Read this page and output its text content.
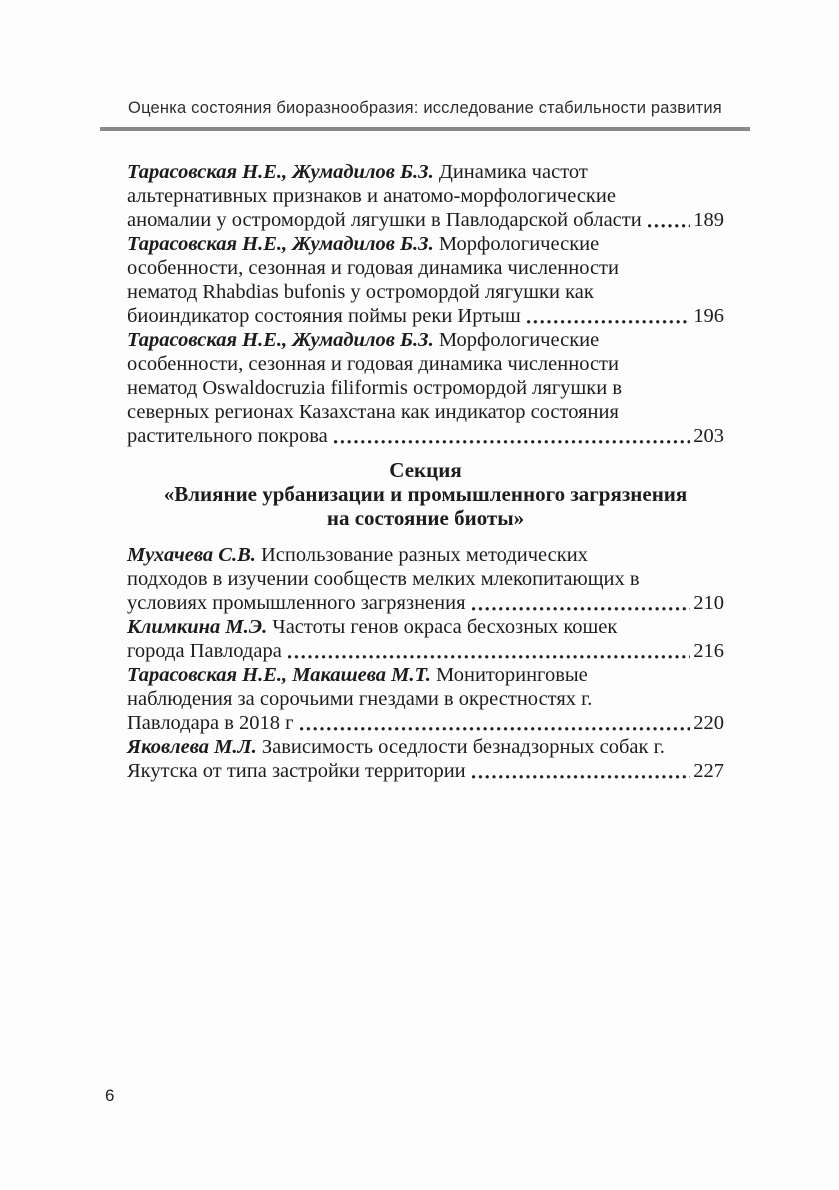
Оценка состояния биоразнообразия: исследование стабильности развития
Тарасовская Н.Е., Жумадилов Б.З. Динамика частот
альтернативных признаков и анатомо-морфологические
аномалии у остромордой лягушки в Павлодарской области	189
Тарасовская Н.Е., Жумадилов Б.З. Морфологические
особенности, сезонная и годовая динамика численности
нематод Rhabdias bufonis у остромордой лягушки как
биоиндикатор состояния поймы реки Иртыш	196
Тарасовская Н.Е., Жумадилов Б.З. Морфологические
особенности, сезонная и годовая динамика численности
нематод Oswaldocruzia filiformis остромордой лягушки в
северных регионах Казахстана как индикатор состояния
растительного покрова	203
Секция
«Влияние урбанизации и промышленного загрязнения
на состояние биоты»
Мухачева С.В. Использование разных методических
подходов в изучении сообществ мелких млекопитающих в
условиях промышленного загрязнения	210
Климкина М.Э. Частоты генов окраса бесхозных кошек
города Павлодара	216
Тарасовская Н.Е., Макашева М.Т. Мониторинговые
наблюдения за сорочьими гнездами в окрестностях г.
Павлодара в 2018 г	220
Яковлева М.Л. Зависимость оседлости безнадзорных собак г.
Якутска от типа застройки территории	227
6
